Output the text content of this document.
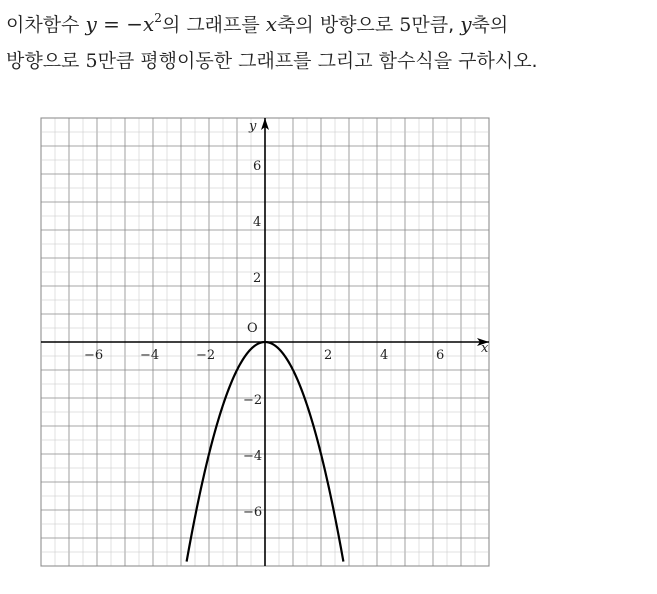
이차함수 $y = -x^2$의 그래프를 x축의 방향으로 5만큼, y축의
방향으로 5만큼 평행이동한 그래프를 그리고 함수식을 구하시오.
x
y
O
−6	−4	−2	2	4	6
−6
−4
−2
2
4
6
